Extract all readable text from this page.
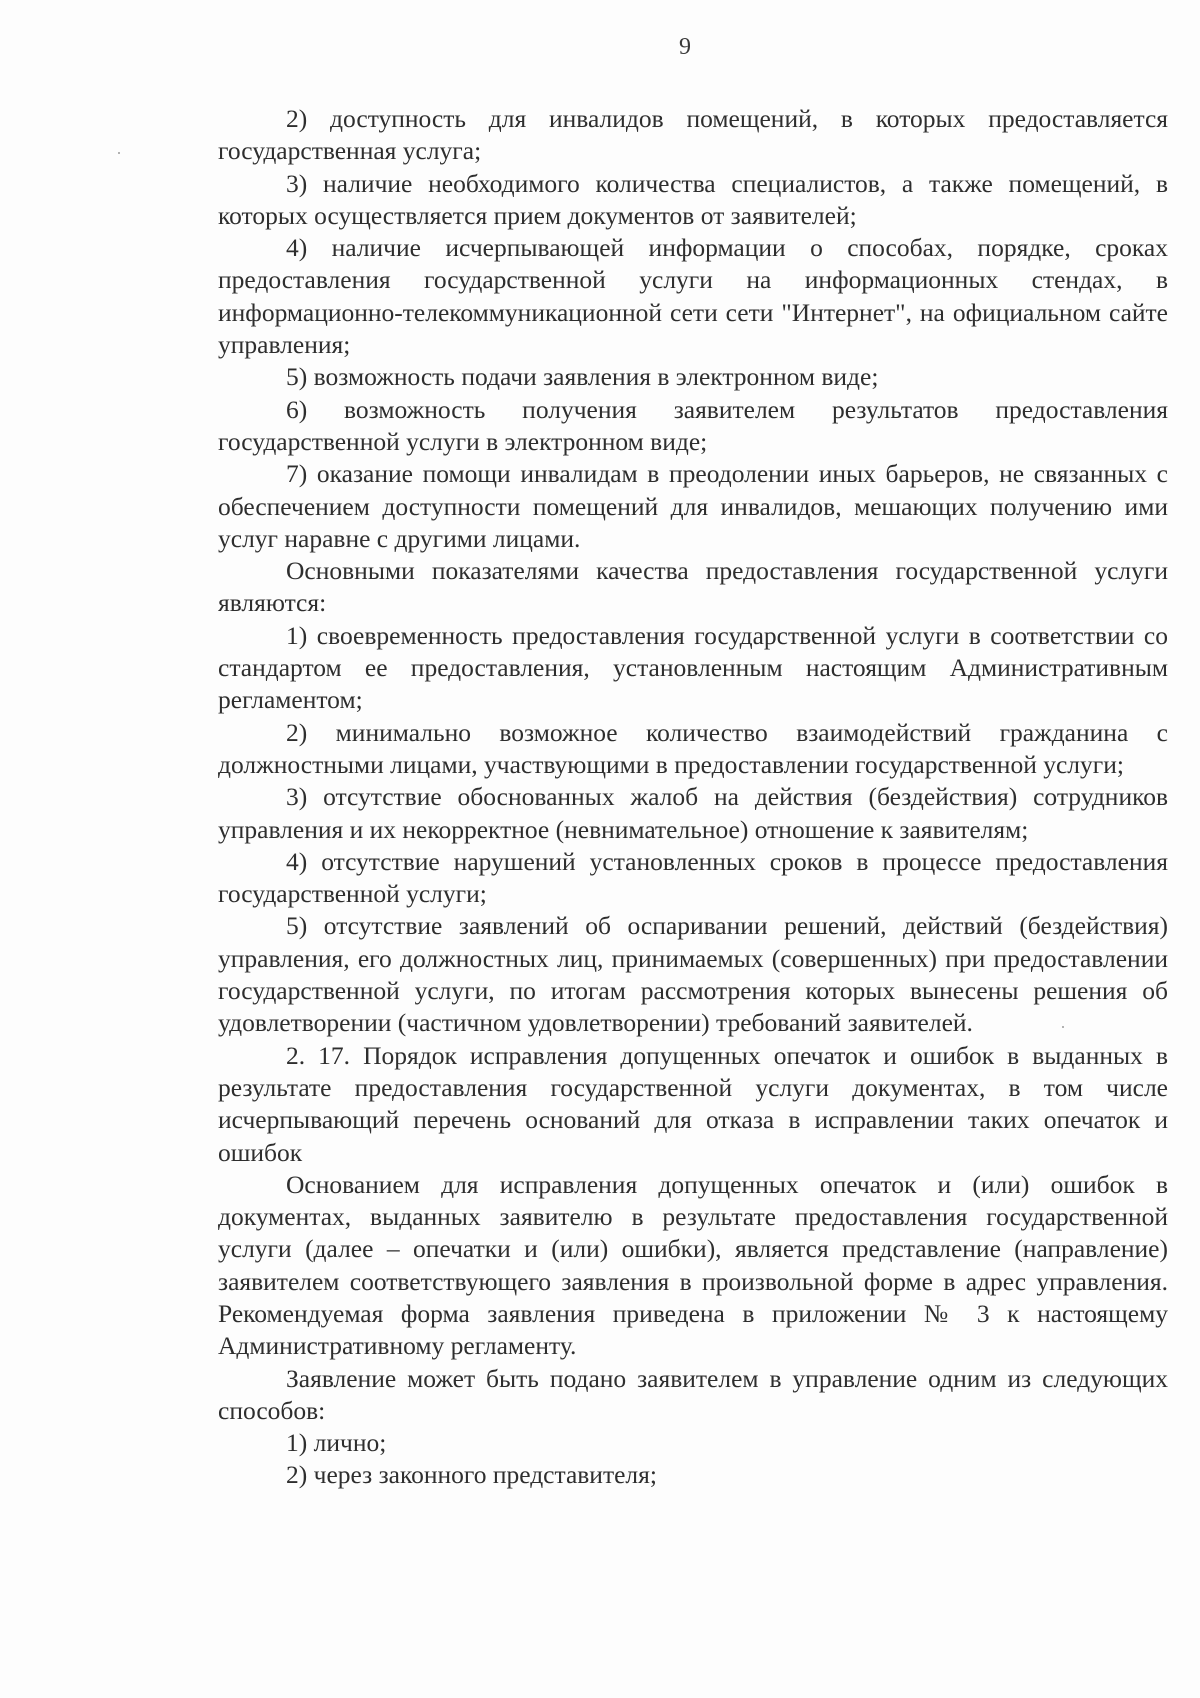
9

2) доступность для инвалидов помещений, в которых предоставляется государственная услуга;

3) наличие необходимого количества специалистов, а также помещений, в которых осуществляется прием документов от заявителей;

4) наличие исчерпывающей информации о способах, порядке, сроках предоставления государственной услуги на информационных стендах, в информационно-телекоммуникационной сети сети "Интернет", на официальном сайте управления;

5) возможность подачи заявления в электронном виде;

6) возможность получения заявителем результатов предоставления государственной услуги в электронном виде;

7) оказание помощи инвалидам в преодолении иных барьеров, не связанных с обеспечением доступности помещений для инвалидов, мешающих получению ими услуг наравне с другими лицами.

Основными показателями качества предоставления государственной услуги являются:

1) своевременность предоставления государственной услуги в соответствии со стандартом ее предоставления, установленным настоящим Административным регламентом;

2) минимально возможное количество взаимодействий гражданина с должностными лицами, участвующими в предоставлении государственной услуги;

3) отсутствие обоснованных жалоб на действия (бездействия) сотрудников управления и их некорректное (невнимательное) отношение к заявителям;

4) отсутствие нарушений установленных сроков в процессе предоставления государственной услуги;

5) отсутствие заявлений об оспаривании решений, действий (бездействия) управления, его должностных лиц, принимаемых (совершенных) при предоставлении государственной услуги, по итогам рассмотрения которых вынесены решения об удовлетворении (частичном удовлетворении) требований заявителей.

2. 17. Порядок исправления допущенных опечаток и ошибок в выданных в результате предоставления государственной услуги документах, в том числе исчерпывающий перечень оснований для отказа в исправлении таких опечаток и ошибок

Основанием для исправления допущенных опечаток и (или) ошибок в документах, выданных заявителю в результате предоставления государственной услуги (далее – опечатки и (или) ошибки), является представление (направление) заявителем соответствующего заявления в произвольной форме в адрес управления. Рекомендуемая форма заявления приведена в приложении № 3 к настоящему Административному регламенту.

Заявление может быть подано заявителем в управление одним из следующих способов:

1) лично;

2) через законного представителя;
